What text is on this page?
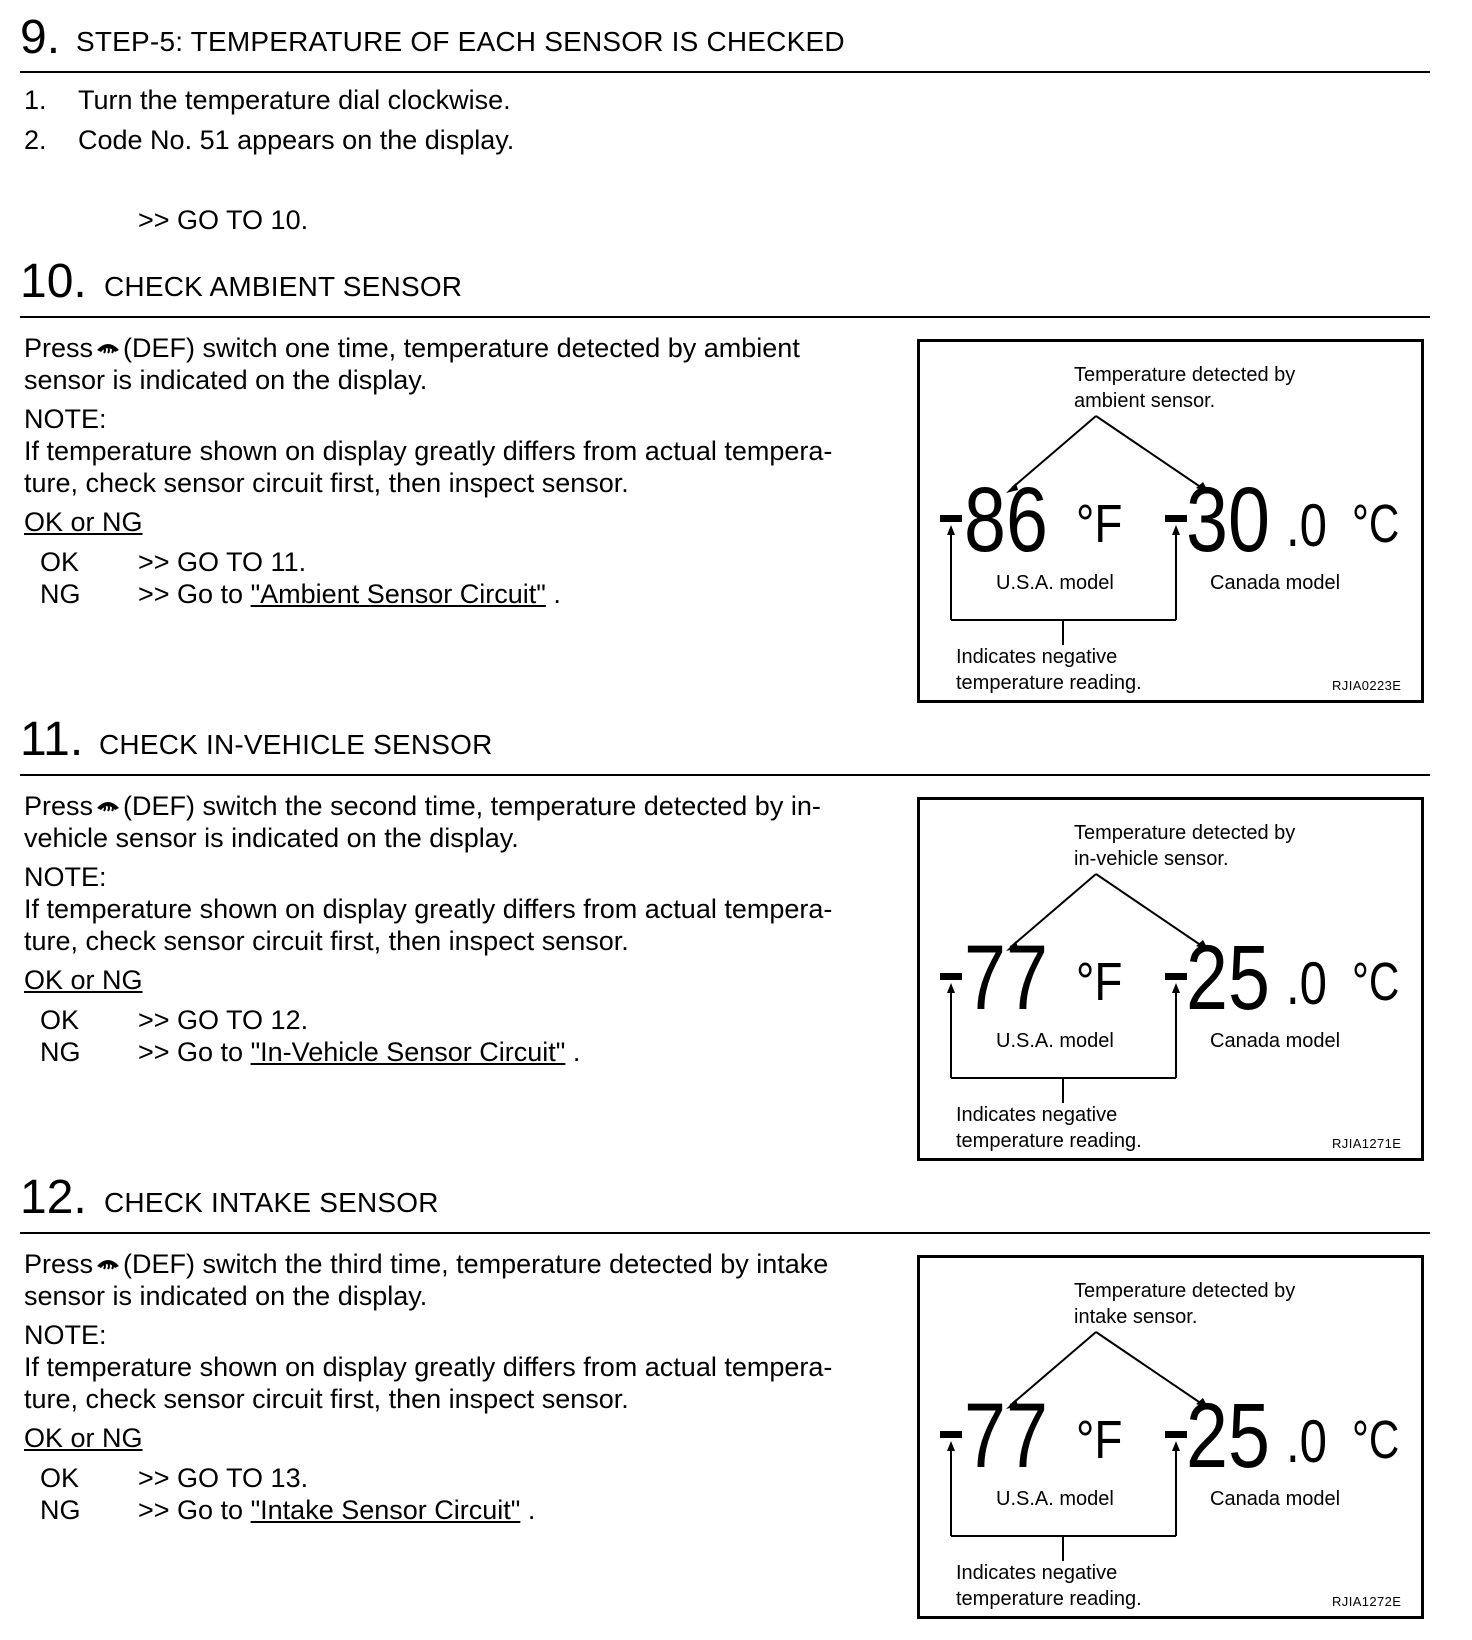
9. STEP-5: TEMPERATURE OF EACH SENSOR IS CHECKED
1. Turn the temperature dial clockwise.
2. Code No. 51 appears on the display.
>> GO TO 10.
10. CHECK AMBIENT SENSOR
Press (DEF) switch one time, temperature detected by ambient
sensor is indicated on the display.
NOTE:
If temperature shown on display greatly differs from actual tempera-
ture, check sensor circuit first, then inspect sensor.
OK or NG
OK >> GO TO 11.
NG >> Go to "Ambient Sensor Circuit" .
Temperature detected by
ambient sensor.
86 °F 30 .0 °C
U.S.A. model	Canada model
Indicates negative
temperature reading.	RJIA0223E
11. CHECK IN-VEHICLE SENSOR
Press (DEF) switch the second time, temperature detected by in-
vehicle sensor is indicated on the display.
NOTE:
If temperature shown on display greatly differs from actual tempera-
ture, check sensor circuit first, then inspect sensor.
OK or NG
OK >> GO TO 12.
NG >> Go to "In-Vehicle Sensor Circuit" .
Temperature detected by
in-vehicle sensor.
77 °F 25 .0 °C
U.S.A. model	Canada model
Indicates negative
temperature reading.	RJIA1271E
12. CHECK INTAKE SENSOR
Press (DEF) switch the third time, temperature detected by intake
sensor is indicated on the display.
NOTE:
If temperature shown on display greatly differs from actual tempera-
ture, check sensor circuit first, then inspect sensor.
OK or NG
OK >> GO TO 13.
NG >> Go to "Intake Sensor Circuit" .
Temperature detected by
intake sensor.
77 °F 25 .0 °C
U.S.A. model	Canada model
Indicates negative
temperature reading.	RJIA1272E
